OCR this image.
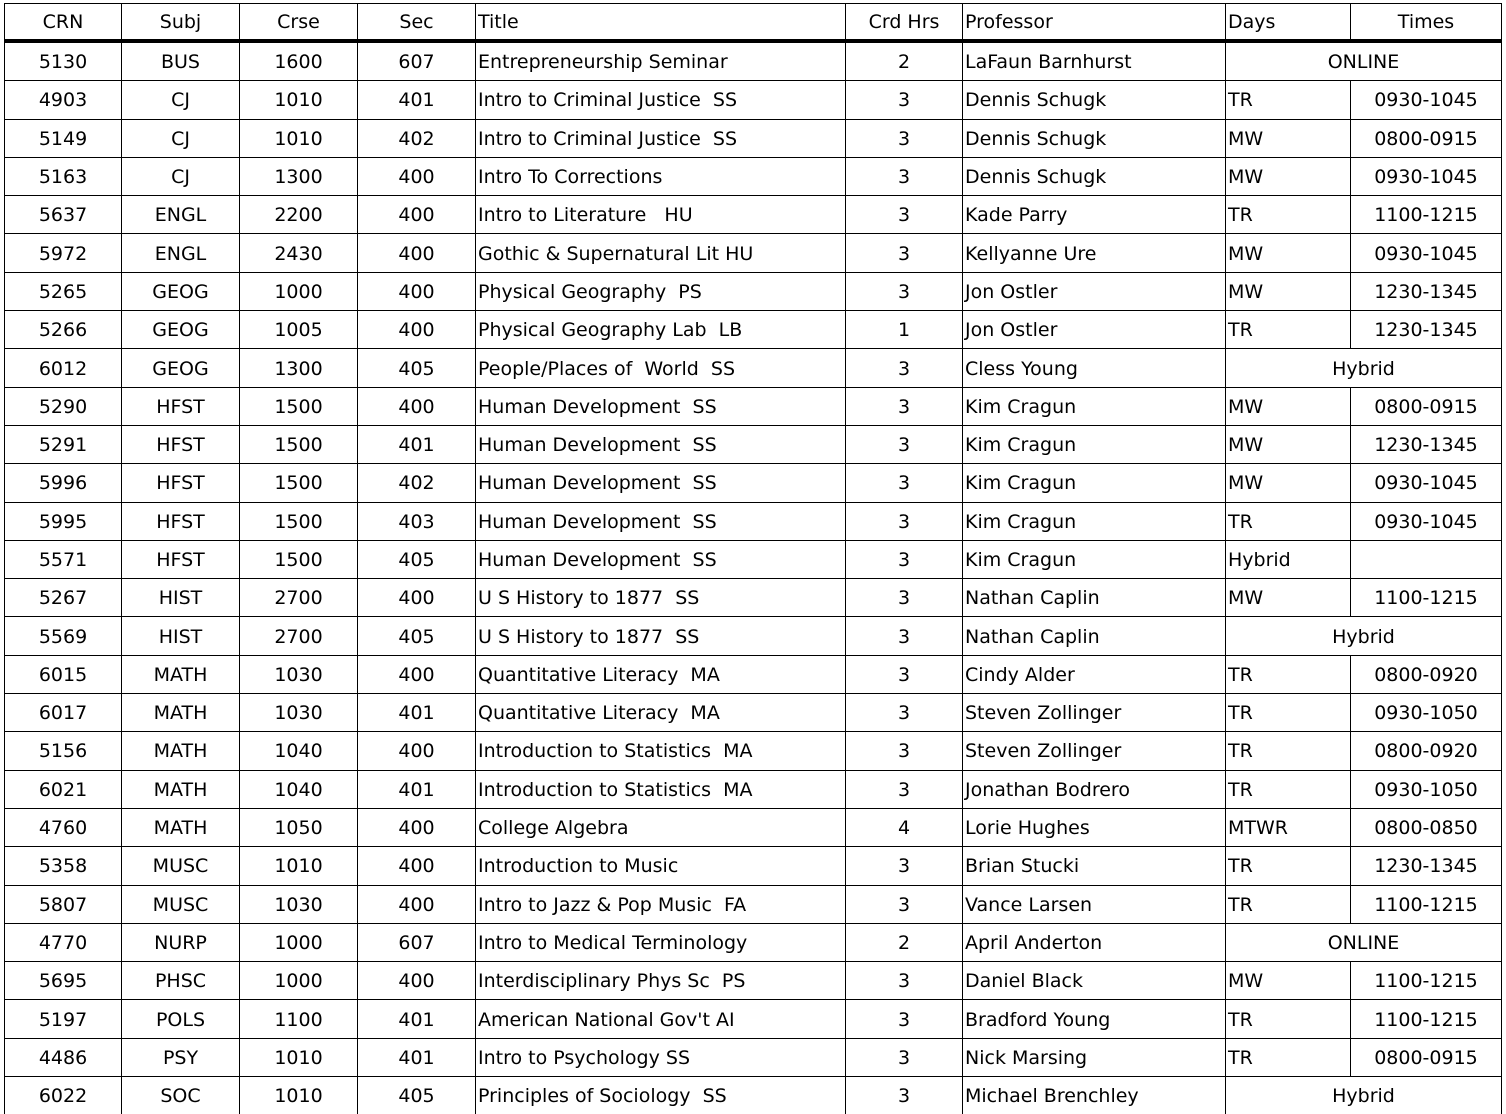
CRN	Subj	Crse	Sec	Title	Crd Hrs	Professor	Days	Times
5130	BUS	1600	607	Entrepreneurship Seminar	2	LaFaun Barnhurst	ONLINE	
4903	CJ	1010	401	Intro to Criminal Justice  SS	3	Dennis Schugk	TR	0930-1045
5149	CJ	1010	402	Intro to Criminal Justice  SS	3	Dennis Schugk	MW	0800-0915
5163	CJ	1300	400	Intro To Corrections	3	Dennis Schugk	MW	0930-1045
5637	ENGL	2200	400	Intro to Literature   HU	3	Kade Parry	TR	1100-1215
5972	ENGL	2430	400	Gothic & Supernatural Lit HU	3	Kellyanne Ure	MW	0930-1045
5265	GEOG	1000	400	Physical Geography  PS	3	Jon Ostler	MW	1230-1345
5266	GEOG	1005	400	Physical Geography Lab  LB	1	Jon Ostler	TR	1230-1345
6012	GEOG	1300	405	People/Places of  World  SS	3	Cless Young	Hybrid	
5290	HFST	1500	400	Human Development  SS	3	Kim Cragun	MW	0800-0915
5291	HFST	1500	401	Human Development  SS	3	Kim Cragun	MW	1230-1345
5996	HFST	1500	402	Human Development  SS	3	Kim Cragun	MW	0930-1045
5995	HFST	1500	403	Human Development  SS	3	Kim Cragun	TR	0930-1045
5571	HFST	1500	405	Human Development  SS	3	Kim Cragun	Hybrid	
5267	HIST	2700	400	U S History to 1877  SS	3	Nathan Caplin	MW	1100-1215
5569	HIST	2700	405	U S History to 1877  SS	3	Nathan Caplin	Hybrid	
6015	MATH	1030	400	Quantitative Literacy  MA	3	Cindy Alder	TR	0800-0920
6017	MATH	1030	401	Quantitative Literacy  MA	3	Steven Zollinger	TR	0930-1050
5156	MATH	1040	400	Introduction to Statistics  MA	3	Steven Zollinger	TR	0800-0920
6021	MATH	1040	401	Introduction to Statistics  MA	3	Jonathan Bodrero	TR	0930-1050
4760	MATH	1050	400	College Algebra	4	Lorie Hughes	MTWR	0800-0850
5358	MUSC	1010	400	Introduction to Music	3	Brian Stucki	TR	1230-1345
5807	MUSC	1030	400	Intro to Jazz & Pop Music  FA	3	Vance Larsen	TR	1100-1215
4770	NURP	1000	607	Intro to Medical Terminology	2	April Anderton	ONLINE	
5695	PHSC	1000	400	Interdisciplinary Phys Sc  PS	3	Daniel Black	MW	1100-1215
5197	POLS	1100	401	American National Gov't AI	3	Bradford Young	TR	1100-1215
4486	PSY	1010	401	Intro to Psychology SS	3	Nick Marsing	TR	0800-0915
6022	SOC	1010	405	Principles of Sociology  SS	3	Michael Brenchley	Hybrid	
